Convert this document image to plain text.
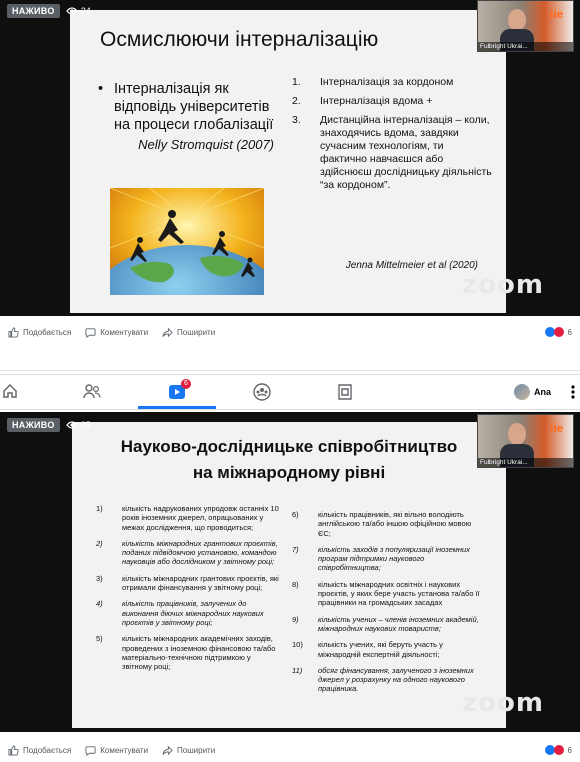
Осмислюючи інтерналізацію
• Інтерналізація як відповідь університетів на процеси глобалізації
Nelly Stromquist (2007)
1.	Інтерналізація за кордоном
2.	Інтерналізація вдома +
3.	Дистанційна інтерналізація – коли, знаходячись вдома, завдяки сучасним технологіям, ти фактично навчаєшся або здійснюєш дослідницьку діяльність “за кордоном”.
Jenna Mittelmeier et al (2020)
НАЖИВО	24	iie
Fulbright Ukrai...
zoom
Подобається	Коментувати	Поширити	6
6
Ana
Науково-дослідницьке співробітництво
на міжнародному рівні
1)	кількість надрукованих упродовж останніх 10 років іноземних джерел, опрацьованих у межах дослідження, що проводиться;
2)	кількість міжнародних грантових проєктів, поданих підвідомчою установою, командою науковців або дослідником у звітному році;
3)	кількість міжнародних грантових проєктів, які отримали фінансування у звітному році;
4)	кількість працівників, залучених до виконання діючих міжнародних наукових проєктів у звітному році;
5)	кількість міжнародних академічних заходів, проведених з іноземною фінансовою та/або матеріально-технічною підтримкою у звітному році;
6)	кількість працівників, які вільно володіють англійською та/або іншою офіційною мовою ЄС;
7)	кількість заходів з популяризації іноземних програм підтримки наукового співробітництва;
8)	кількість міжнародних освітніх і наукових проєктів, у яких бере участь установа та/або її працівники на громадських засадах
9)	кількість учених – членів іноземних академій, міжнародних наукових товариств;
10)	кількість учених, які беруть участь у міжнародній експертній діяльності;
11)	обсяг фінансування, залученого з іноземних джерел у розрахунку на одного наукового працівника.
НАЖИВО	25	iie
Fulbright Ukrai...
zoom
Подобається	Коментувати	Поширити	6
